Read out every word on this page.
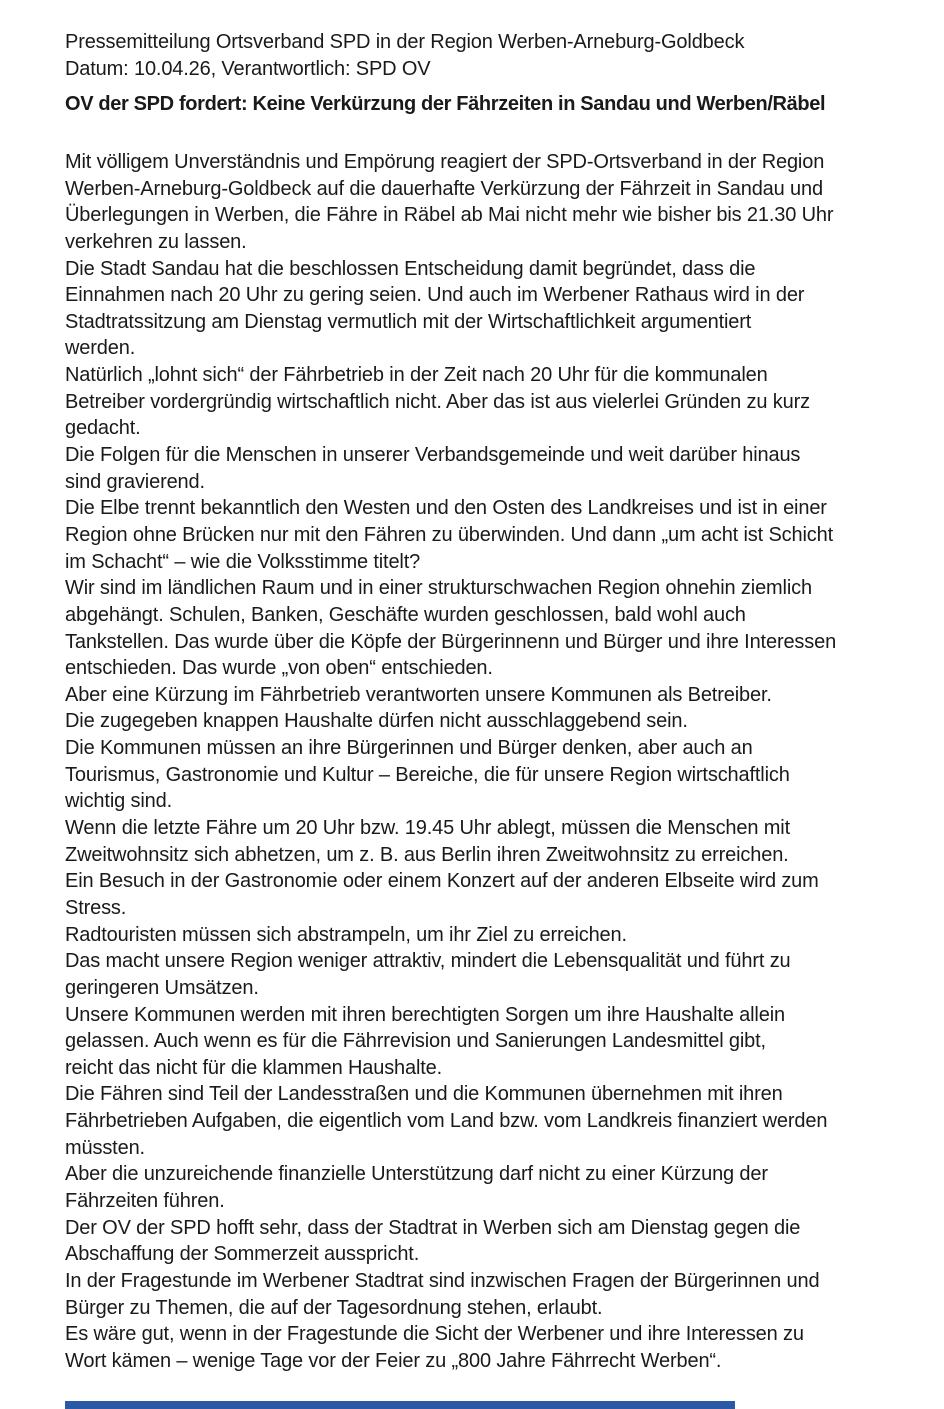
Pressemitteilung Ortsverband SPD in der Region Werben-Arneburg-Goldbeck
Datum: 10.04.26, Verantwortlich: SPD OV
OV der SPD fordert: Keine Verkürzung der Fährzeiten in Sandau und Werben/Räbel
Mit völligem Unverständnis und Empörung reagiert der SPD-Ortsverband in der Region
Werben-Arneburg-Goldbeck auf die dauerhafte Verkürzung der Fährzeit in Sandau und
Überlegungen in Werben, die Fähre in Räbel ab Mai nicht mehr wie bisher bis 21.30 Uhr
verkehren zu lassen.
Die Stadt Sandau hat die beschlossen Entscheidung damit begründet, dass die
Einnahmen nach 20 Uhr zu gering seien. Und auch im Werbener Rathaus wird in der
Stadtratssitzung am Dienstag vermutlich mit der Wirtschaftlichkeit argumentiert
werden.
Natürlich „lohnt sich“ der Fährbetrieb in der Zeit nach 20 Uhr für die kommunalen
Betreiber vordergründig wirtschaftlich nicht. Aber das ist aus vielerlei Gründen zu kurz
gedacht.
Die Folgen für die Menschen in unserer Verbandsgemeinde und weit darüber hinaus
sind gravierend.
Die Elbe trennt bekanntlich den Westen und den Osten des Landkreises und ist in einer
Region ohne Brücken nur mit den Fähren zu überwinden. Und dann „um acht ist Schicht
im Schacht“ – wie die Volksstimme titelt?
Wir sind im ländlichen Raum und in einer strukturschwachen Region ohnehin ziemlich
abgehängt. Schulen, Banken, Geschäfte wurden geschlossen, bald wohl auch
Tankstellen. Das wurde über die Köpfe der Bürgerinnenn und Bürger und ihre Interessen
entschieden. Das wurde „von oben“ entschieden.
Aber eine Kürzung im Fährbetrieb verantworten unsere Kommunen als Betreiber.
Die zugegeben knappen Haushalte dürfen nicht ausschlaggebend sein.
Die Kommunen müssen an ihre Bürgerinnen und Bürger denken, aber auch an
Tourismus, Gastronomie und Kultur – Bereiche, die für unsere Region wirtschaftlich
wichtig sind.
Wenn die letzte Fähre um 20 Uhr bzw. 19.45 Uhr ablegt, müssen die Menschen mit
Zweitwohnsitz sich abhetzen, um z. B. aus Berlin ihren Zweitwohnsitz zu erreichen.
Ein Besuch in der Gastronomie oder einem Konzert auf der anderen Elbseite wird zum
Stress.
Radtouristen müssen sich abstrampeln, um ihr Ziel zu erreichen.
Das macht unsere Region weniger attraktiv, mindert die Lebensqualität und führt zu
geringeren Umsätzen.
Unsere Kommunen werden mit ihren berechtigten Sorgen um ihre Haushalte allein
gelassen. Auch wenn es für die Fährrevision und Sanierungen Landesmittel gibt,
reicht das nicht für die klammen Haushalte.
Die Fähren sind Teil der Landesstraßen und die Kommunen übernehmen mit ihren
Fährbetrieben Aufgaben, die eigentlich vom Land bzw. vom Landkreis finanziert werden
müssten.
Aber die unzureichende finanzielle Unterstützung darf nicht zu einer Kürzung der
Fährzeiten führen.
Der OV der SPD hofft sehr, dass der Stadtrat in Werben sich am Dienstag gegen die
Abschaffung der Sommerzeit ausspricht.
In der Fragestunde im Werbener Stadtrat sind inzwischen Fragen der Bürgerinnen und
Bürger zu Themen, die auf der Tagesordnung stehen, erlaubt.
Es wäre gut, wenn in der Fragestunde die Sicht der Werbener und ihre Interessen zu
Wort kämen – wenige Tage vor der Feier zu „800 Jahre Fährrecht Werben“.
